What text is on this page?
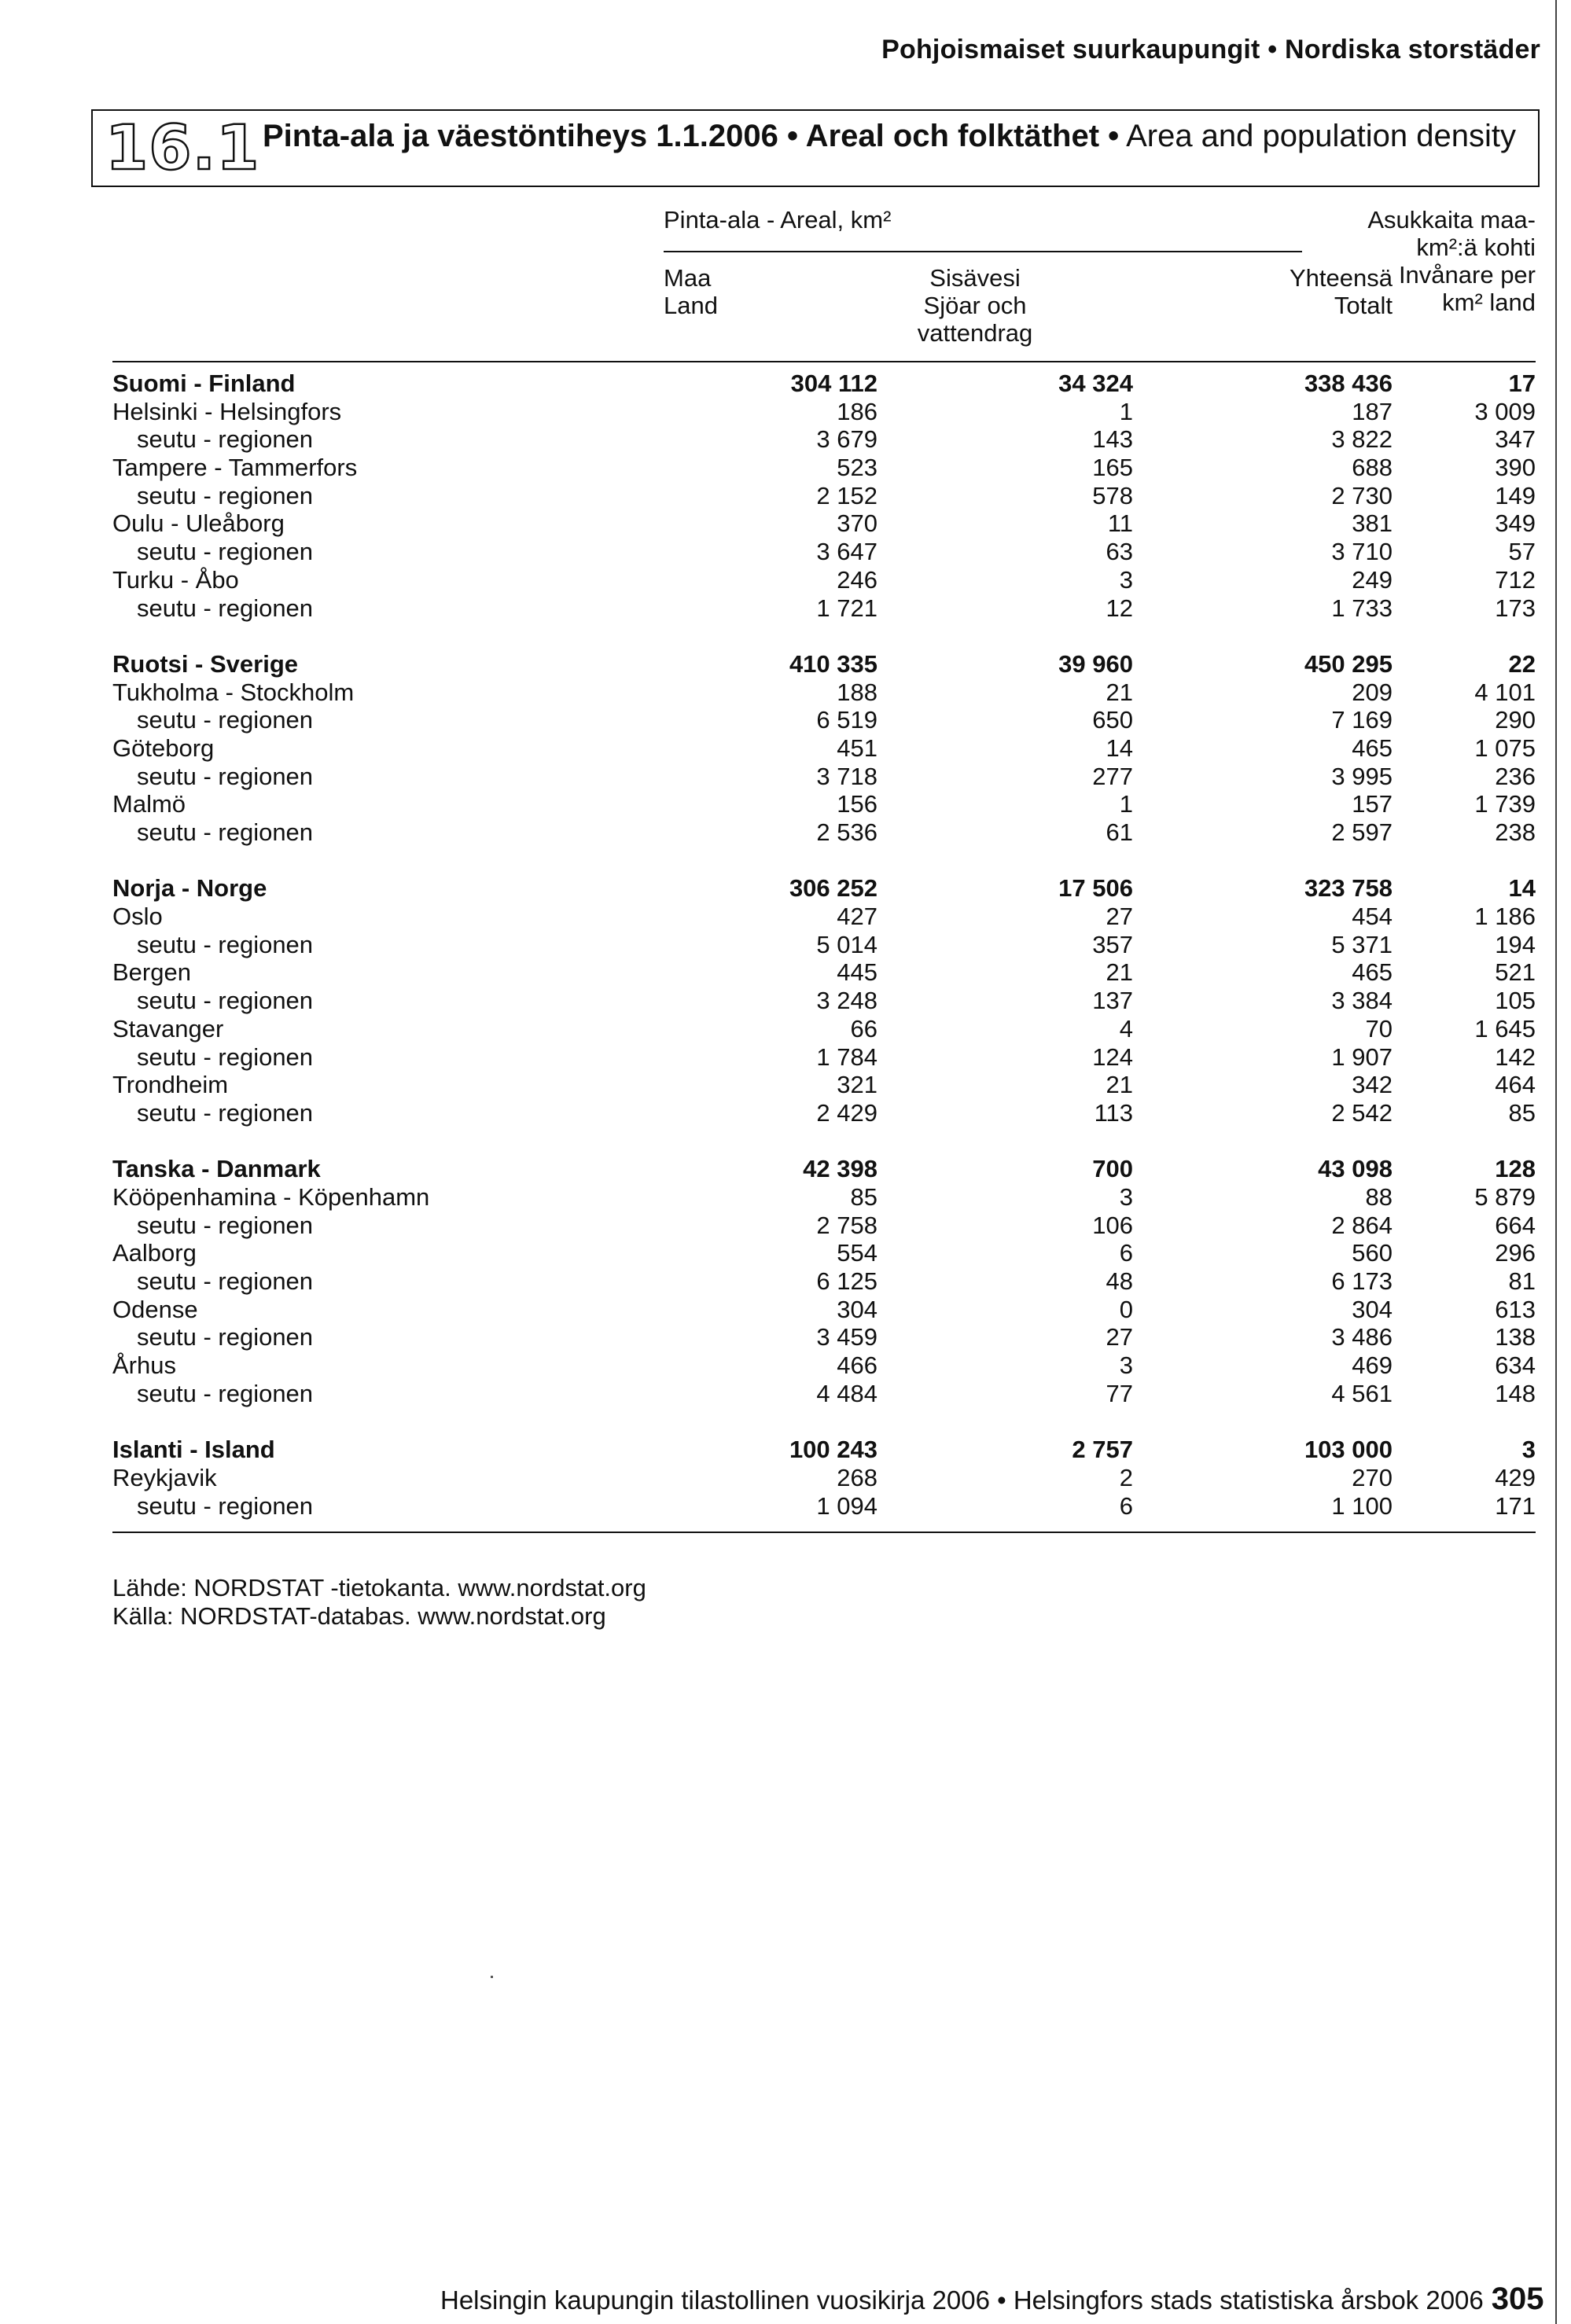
Pohjoismaiset suurkaupungit • Nordiska storstäder
16.1 Pinta-ala ja väestöntiheys 1.1.2006 • Areal och folktäthet • Area and population density
Pinta-ala - Areal, km²
Maa
Land
Sisävesi
Sjöar och
vattendrag
Yhteensä
Totalt
Asukkaita maa-
km²:ä kohti
Invånare per
km² land
Suomi - Finland	304 112	34 324	338 436	17
Helsinki - Helsingfors	186	1	187	3 009
seutu - regionen	3 679	143	3 822	347
Tampere - Tammerfors	523	165	688	390
seutu - regionen	2 152	578	2 730	149
Oulu - Uleåborg	370	11	381	349
seutu - regionen	3 647	63	3 710	57
Turku - Åbo	246	3	249	712
seutu - regionen	1 721	12	1 733	173
Ruotsi - Sverige	410 335	39 960	450 295	22
Tukholma - Stockholm	188	21	209	4 101
seutu - regionen	6 519	650	7 169	290
Göteborg	451	14	465	1 075
seutu - regionen	3 718	277	3 995	236
Malmö	156	1	157	1 739
seutu - regionen	2 536	61	2 597	238
Norja - Norge	306 252	17 506	323 758	14
Oslo	427	27	454	1 186
seutu - regionen	5 014	357	5 371	194
Bergen	445	21	465	521
seutu - regionen	3 248	137	3 384	105
Stavanger	66	4	70	1 645
seutu - regionen	1 784	124	1 907	142
Trondheim	321	21	342	464
seutu - regionen	2 429	113	2 542	85
Tanska - Danmark	42 398	700	43 098	128
Kööpenhamina - Köpenhamn	85	3	88	5 879
seutu - regionen	2 758	106	2 864	664
Aalborg	554	6	560	296
seutu - regionen	6 125	48	6 173	81
Odense	304	0	304	613
seutu - regionen	3 459	27	3 486	138
Århus	466	3	469	634
seutu - regionen	4 484	77	4 561	148
Islanti - Island	100 243	2 757	103 000	3
Reykjavik	268	2	270	429
seutu - regionen	1 094	6	1 100	171
Lähde: NORDSTAT -tietokanta. www.nordstat.org
Källa: NORDSTAT-databas. www.nordstat.org
Helsingin kaupungin tilastollinen vuosikirja 2006 • Helsingfors stads statistiska årsbok 2006 305
